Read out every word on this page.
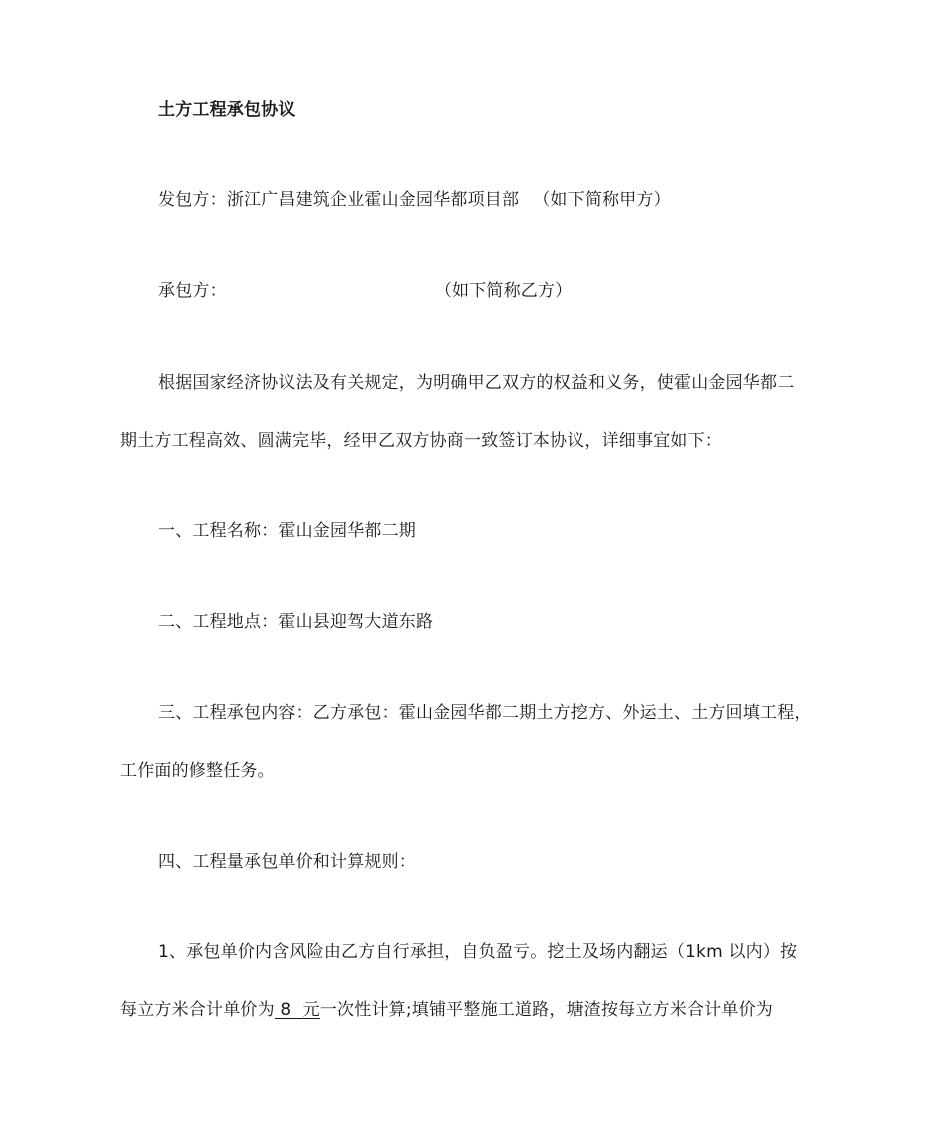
土方工程承包协议
发包方：浙江广昌建筑企业霍山金园华都项目部 （如下简称甲方）
承包方：	（如下简称乙方）
根据国家经济协议法及有关规定，为明确甲乙双方的权益和义务，使霍山金园华都二
期土方工程高效、圆满完毕，经甲乙双方协商一致签订本协议，详细事宜如下：
一、工程名称：霍山金园华都二期
二、工程地点：霍山县迎驾大道东路
三、工程承包内容：乙方承包：霍山金园华都二期土方挖方、外运土、土方回填工程，
工作面的修整任务。
四、工程量承包单价和计算规则：
1、承包单价内含风险由乙方自行承担，自负盈亏。挖土及场内翻运（1km 以内）按
每立方米合计单价为 8  元一次性计算;填铺平整施工道路，塘渣按每立方米合计单价为
